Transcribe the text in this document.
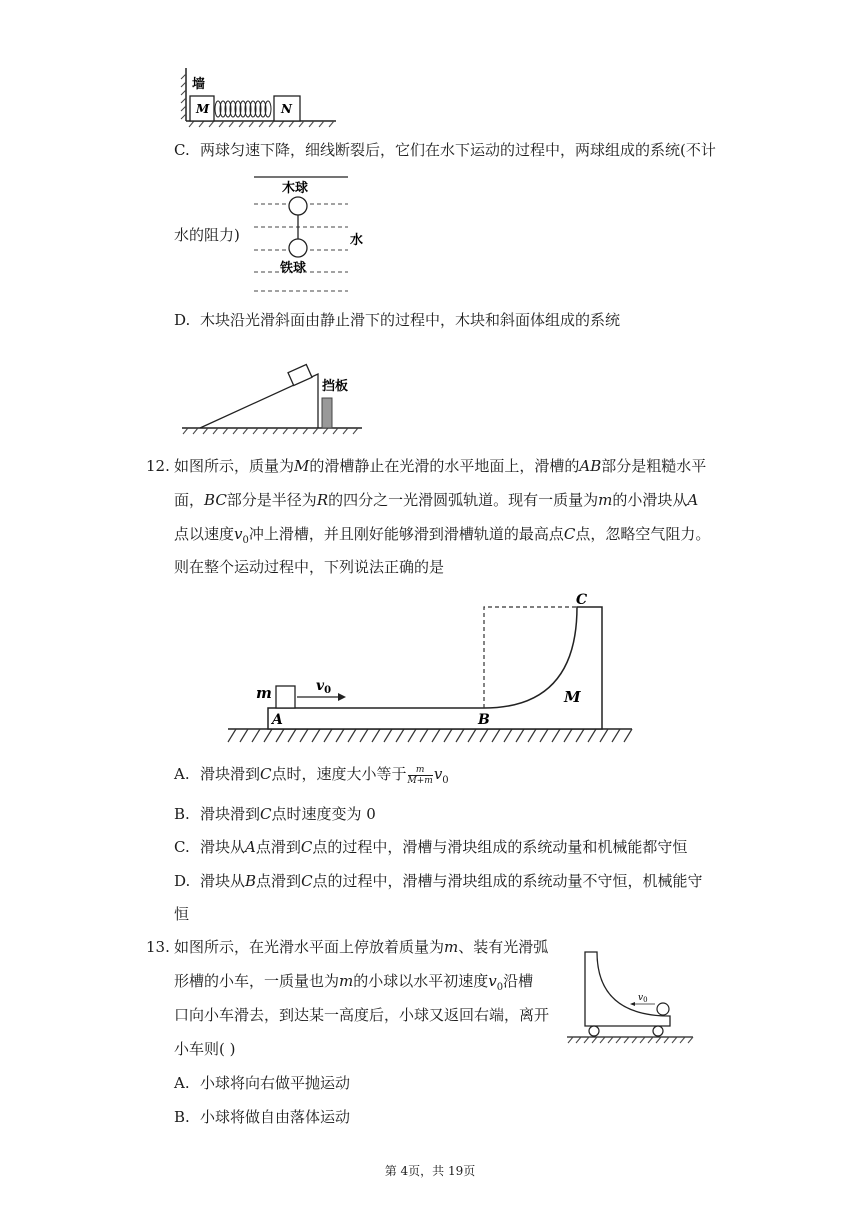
墙
M	N
C. 两球匀速下降，细线断裂后，它们在水下运动的过程中，两球组成的系统(不计
水的阻力)
木球
铁球
水
D. 木块沿光滑斜面由静止滑下的过程中，木块和斜面体组成的系统
挡板
12. 如图所示，质量为M的滑槽静止在光滑的水平地面上，滑槽的AB部分是粗糙水平
面，BC部分是半径为R的四分之一光滑圆弧轨道。现有一质量为m的小滑块从A
点以速度$v_0$冲上滑槽，并且刚好能够滑到滑槽轨道的最高点C点，忽略空气阻力。
则在整个运动过程中，下列说法正确的是
m	$v_0$
A	B
C
M
A. 滑块滑到C点时，速度大小等于 $\frac{m}{M+m} v_0$
B. 滑块滑到C点时速度变为 0
C. 滑块从A点滑到C点的过程中，滑槽与滑块组成的系统动量和机械能都守恒
D. 滑块从B点滑到C点的过程中，滑槽与滑块组成的系统动量不守恒，机械能守
恒
13. 如图所示，在光滑水平面上停放着质量为m、装有光滑弧
形槽的小车，一质量也为m的小球以水平初速度$v_0$沿槽
口向小车滑去，到达某一高度后，小球又返回右端，离开
小车则( )
$v_0$
A. 小球将向右做平抛运动
B. 小球将做自由落体运动
第 4页，共 19页
